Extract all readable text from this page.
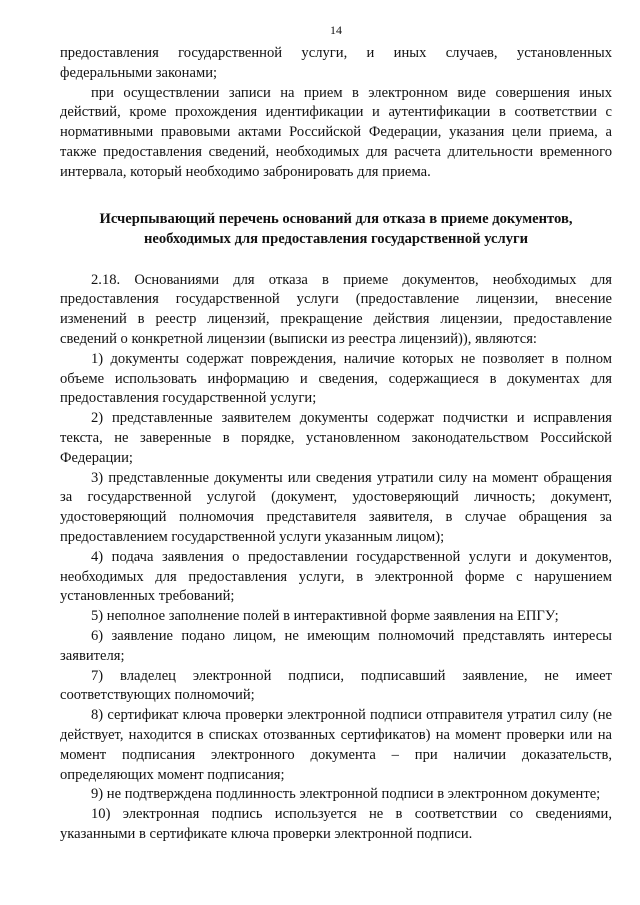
14

предоставления государственной услуги, и иных случаев, установленных федеральными законами;

при осуществлении записи на прием в электронном виде совершения иных действий, кроме прохождения идентификации и аутентификации в соответствии с нормативными правовыми актами Российской Федерации, указания цели приема, а также предоставления сведений, необходимых для расчета длительности временного интервала, который необходимо забронировать для приема.

Исчерпывающий перечень оснований для отказа в приеме документов, необходимых для предоставления государственной услуги

2.18. Основаниями для отказа в приеме документов, необходимых для предоставления государственной услуги (предоставление лицензии, внесение изменений в реестр лицензий, прекращение действия лицензии, предоставление сведений о конкретной лицензии (выписки из реестра лицензий)), являются:

1) документы содержат повреждения, наличие которых не позволяет в полном объеме использовать информацию и сведения, содержащиеся в документах для предоставления государственной услуги;

2) представленные заявителем документы содержат подчистки и исправления текста, не заверенные в порядке, установленном законодательством Российской Федерации;

3) представленные документы или сведения утратили силу на момент обращения за государственной услугой (документ, удостоверяющий личность; документ, удостоверяющий полномочия представителя заявителя, в случае обращения за предоставлением государственной услуги указанным лицом);

4) подача заявления о предоставлении государственной услуги и документов, необходимых для предоставления услуги, в электронной форме с нарушением установленных требований;

5) неполное заполнение полей в интерактивной форме заявления на ЕПГУ;

6) заявление подано лицом, не имеющим полномочий представлять интересы заявителя;

7) владелец электронной подписи, подписавший заявление, не имеет соответствующих полномочий;

8) сертификат ключа проверки электронной подписи отправителя утратил силу (не действует, находится в списках отозванных сертификатов) на момент проверки или на момент подписания электронного документа – при наличии доказательств, определяющих момент подписания;

9) не подтверждена подлинность электронной подписи в электронном документе;

10) электронная подпись используется не в соответствии со сведениями, указанными в сертификате ключа проверки электронной подписи.
